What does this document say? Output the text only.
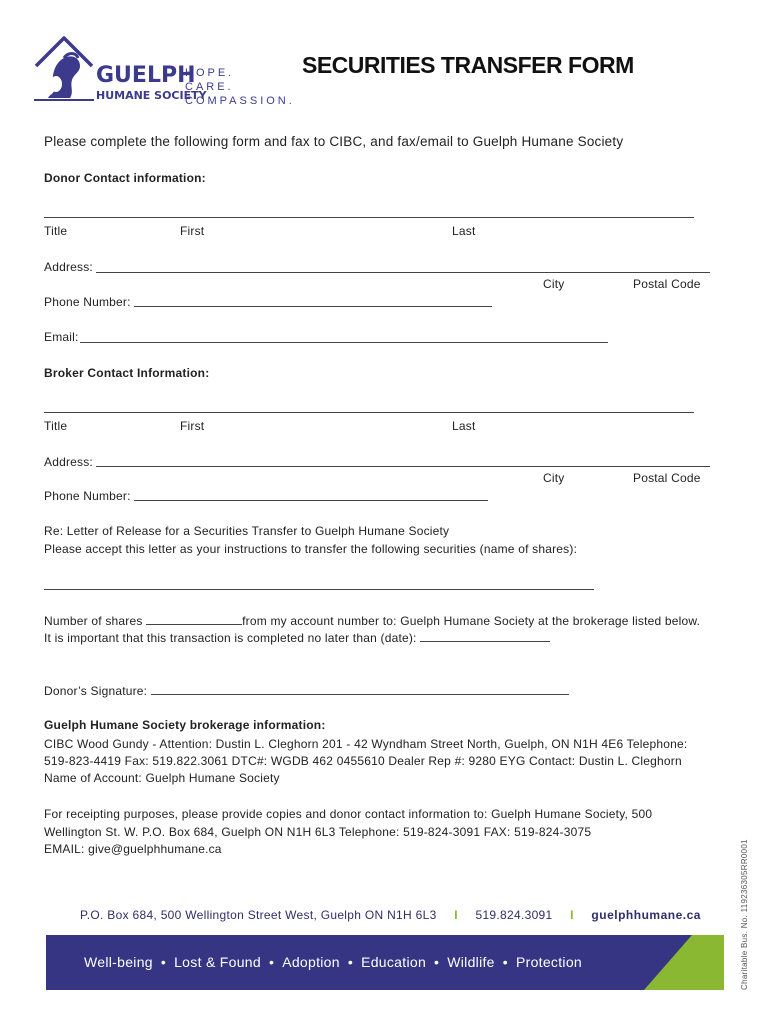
GUELPH
HUMANE SOCIETY
HOPE.
CARE.
COMPASSION.
SECURITIES TRANSFER FORM
Please complete the following form and fax to CIBC, and fax/email to Guelph Humane Society
Donor Contact information:
Title	First	Last
Address:
City	Postal Code
Phone Number:
Email:
Broker Contact Information:
Title	First	Last
Address:
City	Postal Code
Phone Number:
Re: Letter of Release for a Securities Transfer to Guelph Humane Society
Please accept this letter as your instructions to transfer the following securities (name of shares):
Number of shares	from my account number to: Guelph Humane Society at the brokerage listed below.
It is important that this transaction is completed no later than (date):
Donor’s Signature:
Guelph Humane Society brokerage information:
CIBC Wood Gundy - Attention: Dustin L. Cleghorn 201 - 42 Wyndham Street North, Guelph, ON N1H 4E6 Telephone:
519-823-4419 Fax: 519.822.3061 DTC#: WGDB 462 0455610 Dealer Rep #: 9280 EYG Contact: Dustin L. Cleghorn
Name of Account: Guelph Humane Society
For receipting purposes, please provide copies and donor contact information to: Guelph Humane Society, 500
Wellington St. W. P.O. Box 684, Guelph ON N1H 6L3 Telephone: 519-824-3091 FAX: 519-824-3075
EMAIL: give@guelphhumane.ca
P.O. Box 684, 500 Wellington Street West, Guelph ON N1H 6L3 I 519.824.3091 I guelphhumane.ca
Well-being • Lost & Found • Adoption • Education • Wildlife • Protection	Charitable Bus. No. 119236305RR0001
